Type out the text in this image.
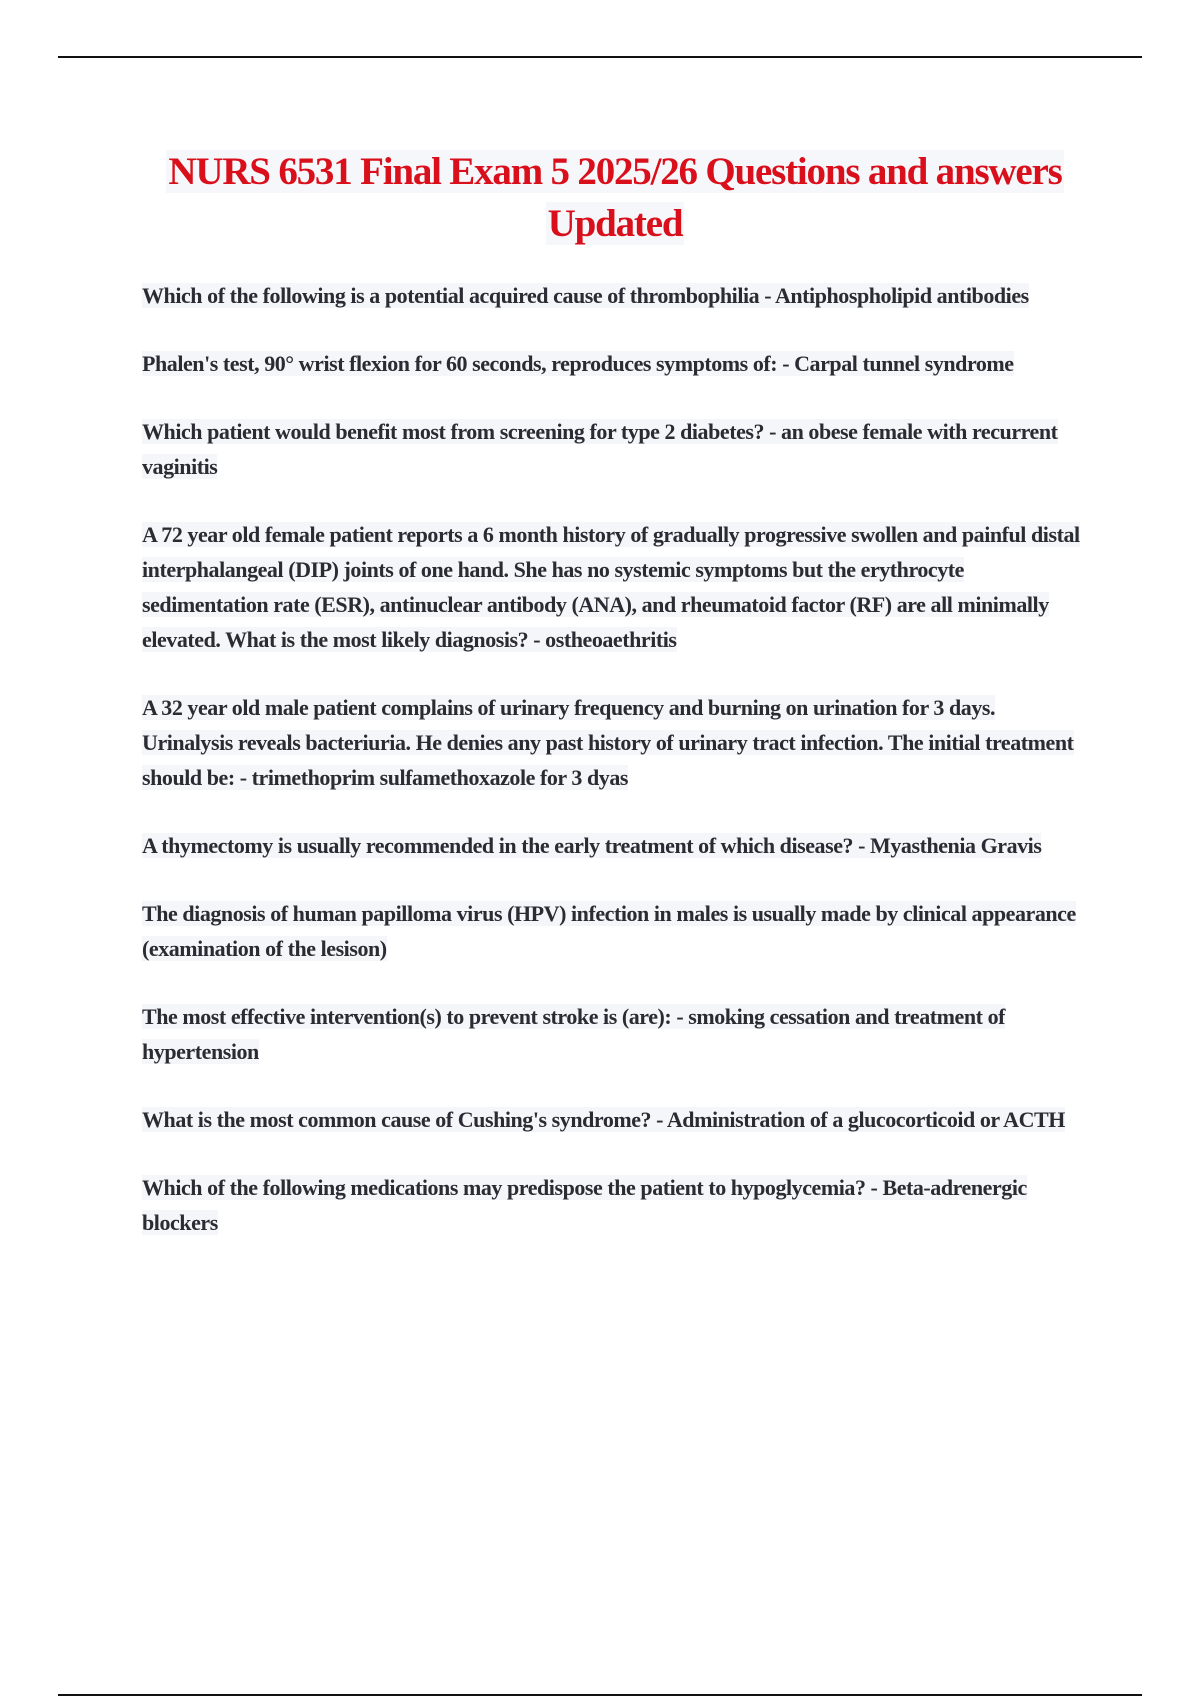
NURS 6531 Final Exam 5 2025/26 Questions and answers
Updated

Which of the following is a potential acquired cause of thrombophilia - Antiphospholipid antibodies

Phalen's test, 90° wrist flexion for 60 seconds, reproduces symptoms of: - Carpal tunnel syndrome

Which patient would benefit most from screening for type 2 diabetes? - an obese female with recurrent vaginitis

A 72 year old female patient reports a 6 month history of gradually progressive swollen and painful distal interphalangeal (DIP) joints of one hand. She has no systemic symptoms but the erythrocyte sedimentation rate (ESR), antinuclear antibody (ANA), and rheumatoid factor (RF) are all minimally elevated. What is the most likely diagnosis? - ostheoaethritis

A 32 year old male patient complains of urinary frequency and burning on urination for 3 days. Urinalysis reveals bacteriuria. He denies any past history of urinary tract infection. The initial treatment should be: - trimethoprim sulfamethoxazole for 3 dyas

A thymectomy is usually recommended in the early treatment of which disease? - Myasthenia Gravis

The diagnosis of human papilloma virus (HPV) infection in males is usually made by clinical appearance (examination of the lesison)

The most effective intervention(s) to prevent stroke is (are): - smoking cessation and treatment of hypertension

What is the most common cause of Cushing's syndrome? - Administration of a glucocorticoid or ACTH

Which of the following medications may predispose the patient to hypoglycemia? - Beta-adrenergic blockers
